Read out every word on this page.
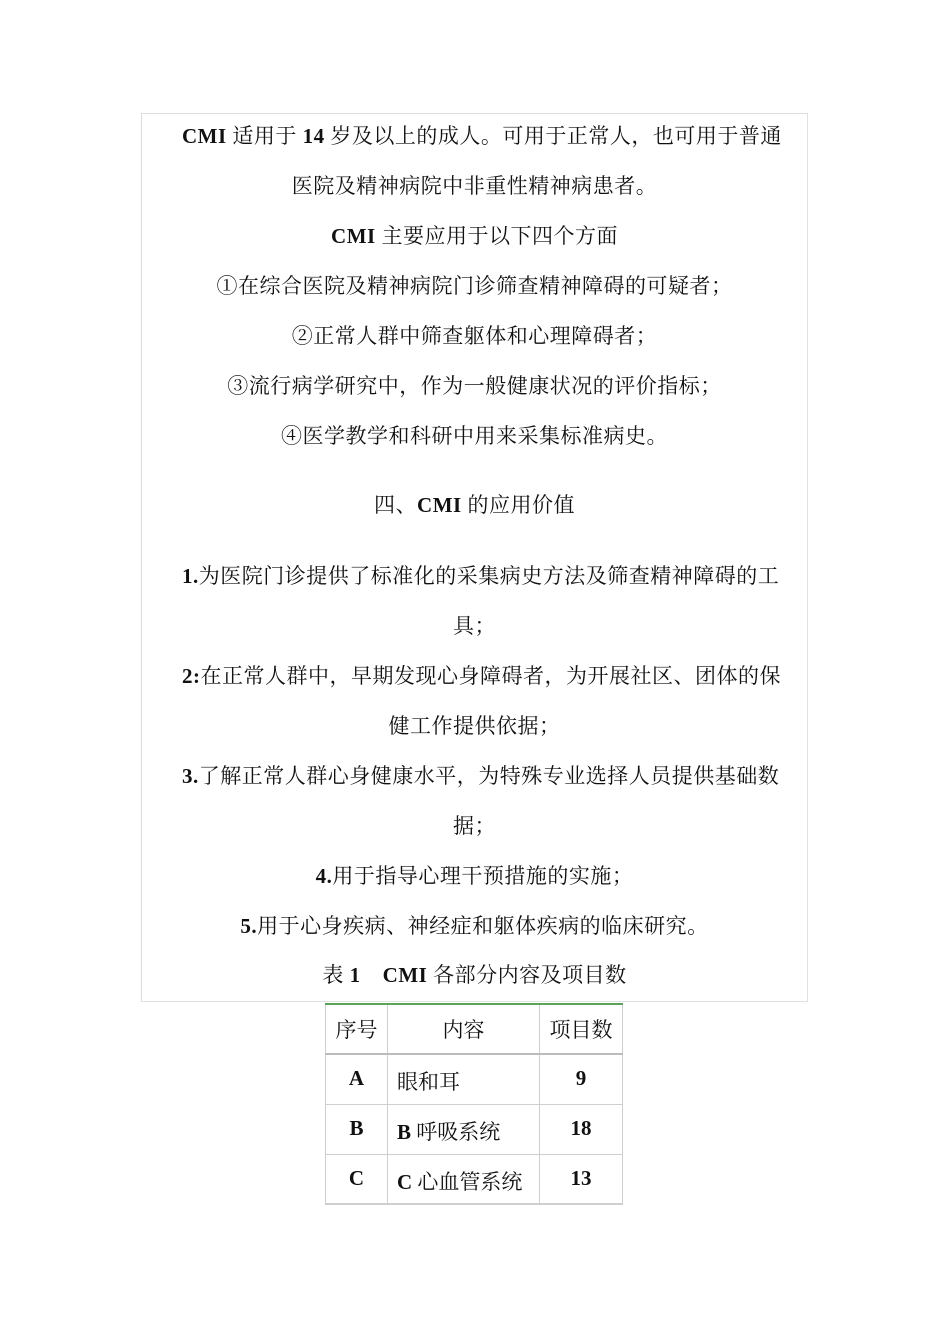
CMI 适用于 14 岁及以上的成人。可用于正常人，也可用于普通
医院及精神病院中非重性精神病患者。
CMI 主要应用于以下四个方面
①在综合医院及精神病院门诊筛查精神障碍的可疑者；
②正常人群中筛查躯体和心理障碍者；
③流行病学研究中，作为一般健康状况的评价指标；
④医学教学和科研中用来采集标准病史。
四、CMI 的应用价值
1.为医院门诊提供了标准化的采集病史方法及筛查精神障碍的工
具；
2:在正常人群中，早期发现心身障碍者，为开展社区、团体的保
健工作提供依据；
3.了解正常人群心身健康水平，为特殊专业选择人员提供基础数
据；
4.用于指导心理干预措施的实施；
5.用于心身疾病、神经症和躯体疾病的临床研究。
表 1 CMI 各部分内容及项目数
序号	内容	项目数
A	眼和耳	9
B	B 呼吸系统	18
C	C 心血管系统	13
